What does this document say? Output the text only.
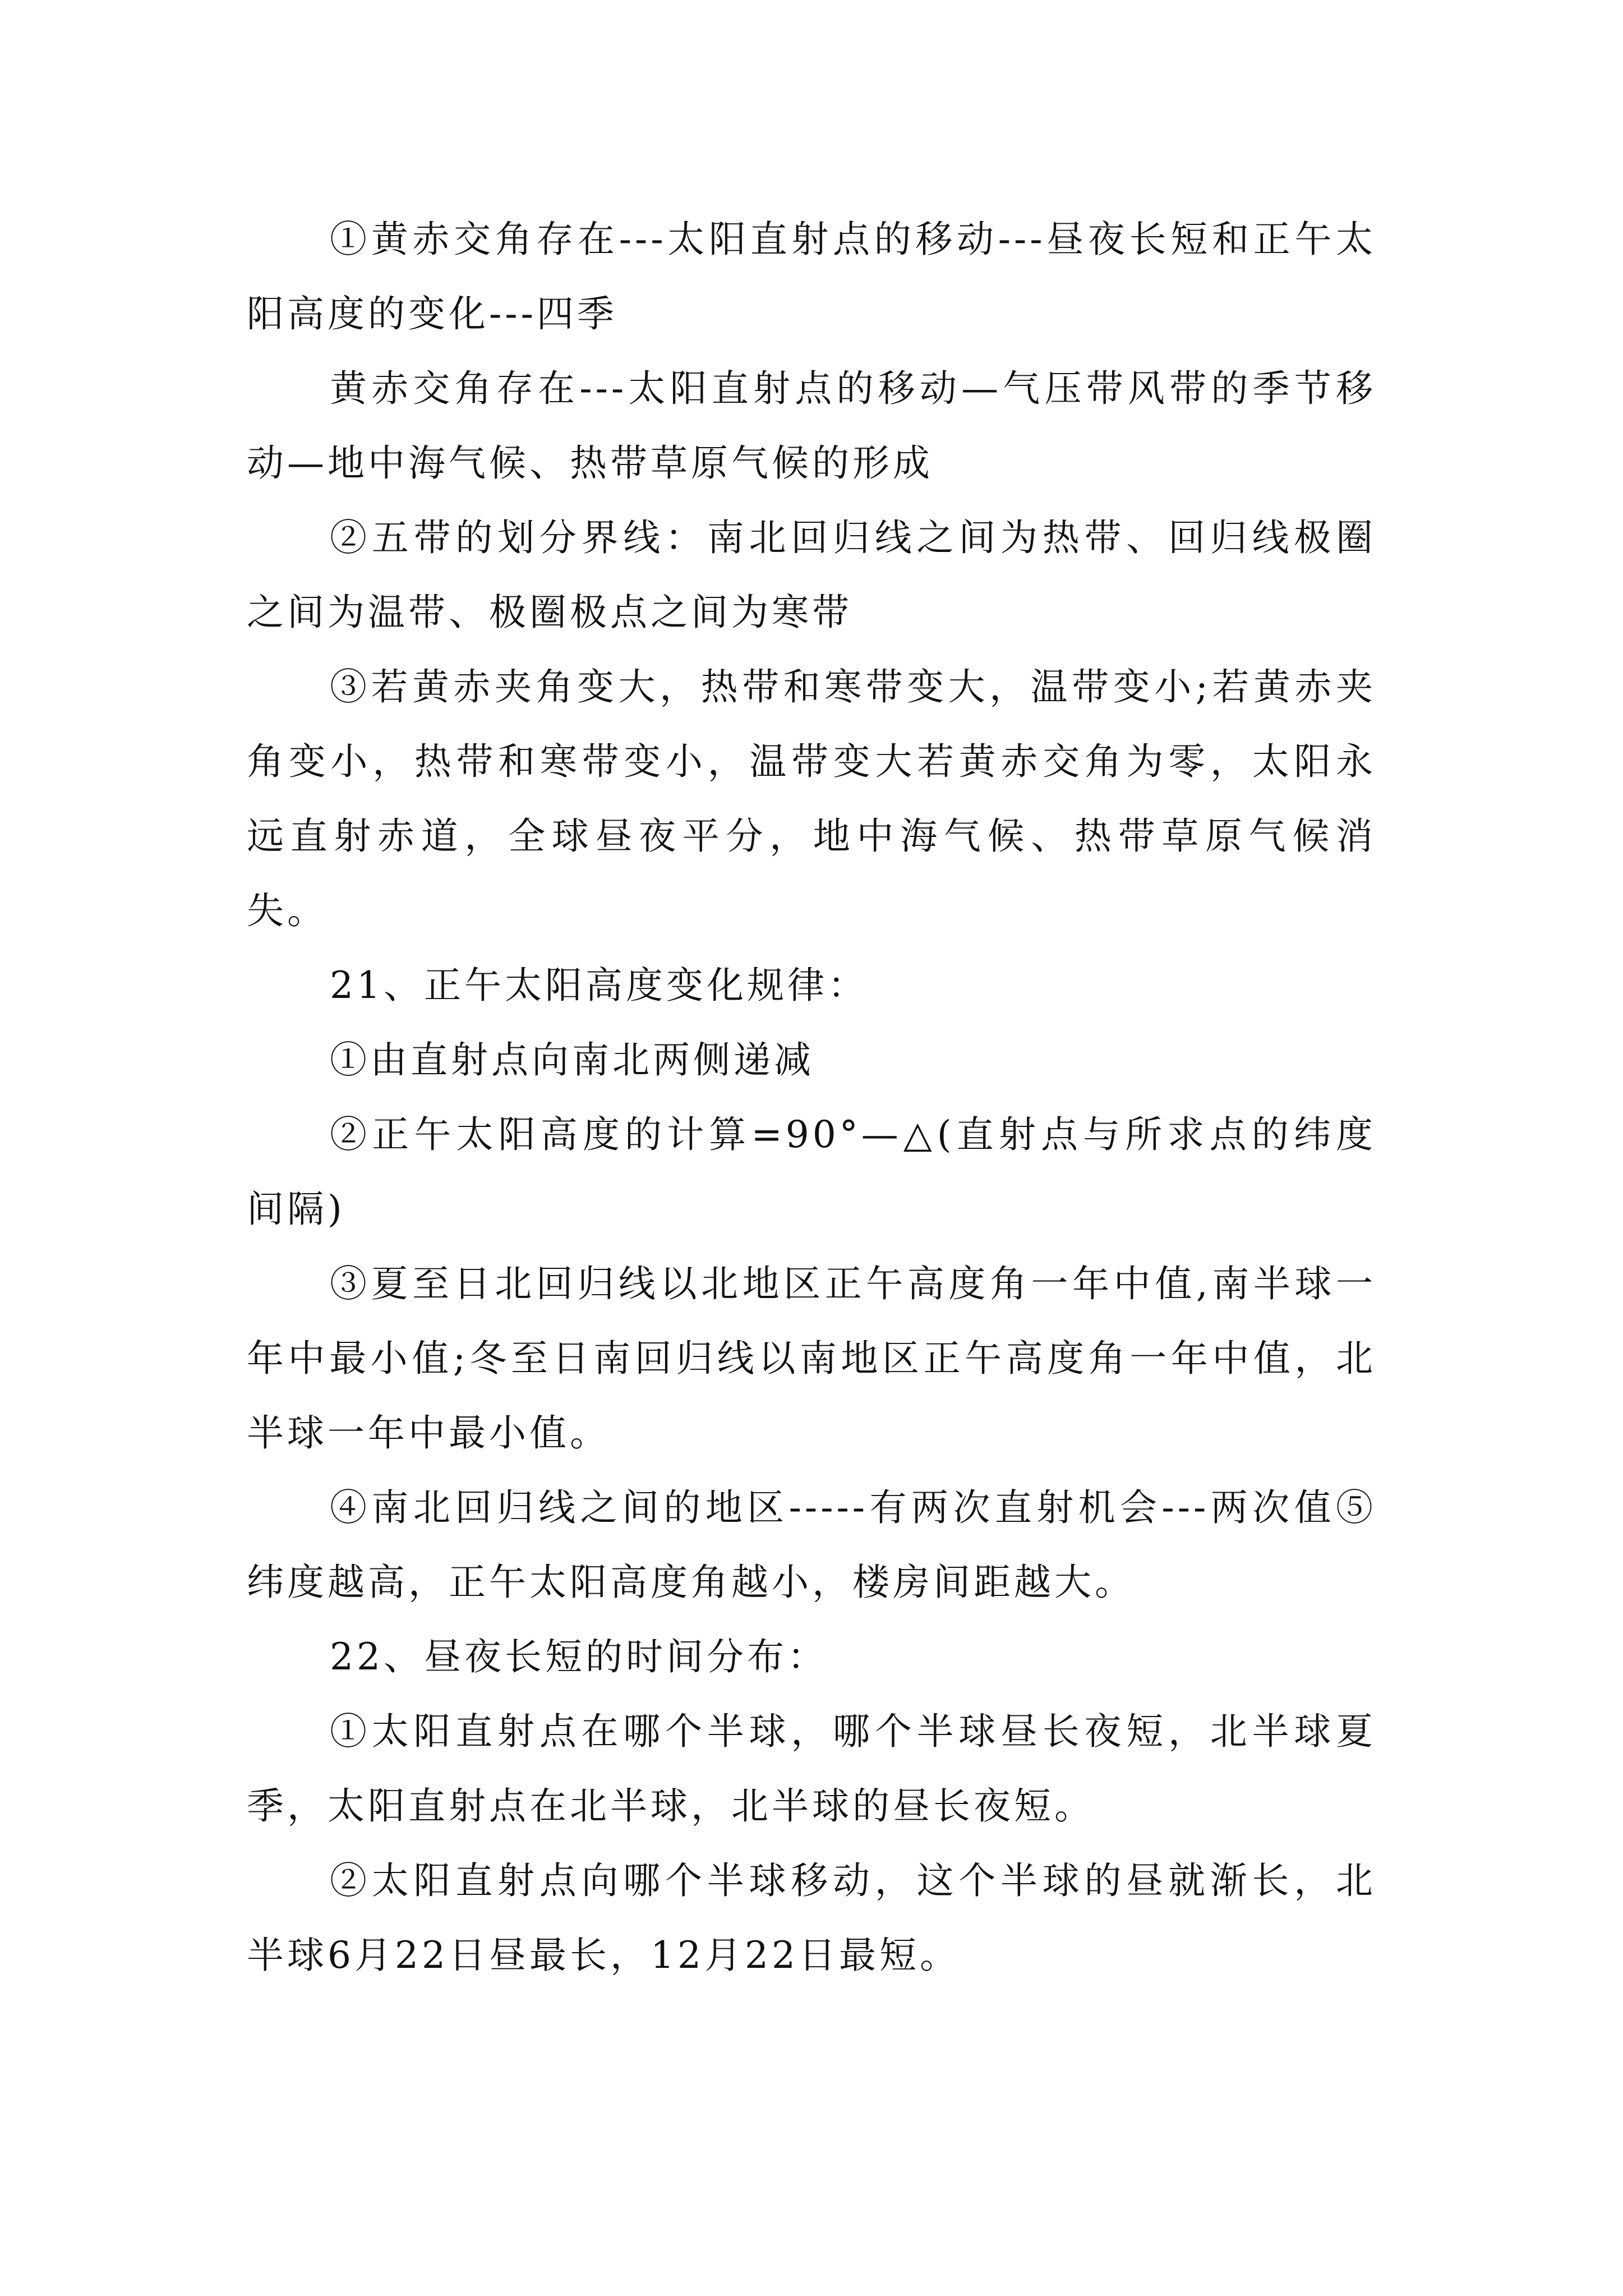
①黄赤交角存在---太阳直射点的移动---昼夜长短和正午太阳高度的变化---四季

黄赤交角存在---太阳直射点的移动—气压带风带的季节移动—地中海气候、热带草原气候的形成

②五带的划分界线：南北回归线之间为热带、回归线极圈之间为温带、极圈极点之间为寒带

③若黄赤夹角变大，热带和寒带变大，温带变小;若黄赤夹角变小，热带和寒带变小，温带变大若黄赤交角为零，太阳永远直射赤道，全球昼夜平分，地中海气候、热带草原气候消失。

21、正午太阳高度变化规律：

①由直射点向南北两侧递减

②正午太阳高度的计算=90°—△(直射点与所求点的纬度间隔)

③夏至日北回归线以北地区正午高度角一年中值,南半球一年中最小值;冬至日南回归线以南地区正午高度角一年中值，北半球一年中最小值。

④南北回归线之间的地区-----有两次直射机会---两次值⑤纬度越高，正午太阳高度角越小，楼房间距越大。

22、昼夜长短的时间分布：

①太阳直射点在哪个半球，哪个半球昼长夜短，北半球夏季，太阳直射点在北半球，北半球的昼长夜短。

②太阳直射点向哪个半球移动，这个半球的昼就渐长，北半球6月22日昼最长，12月22日最短。
